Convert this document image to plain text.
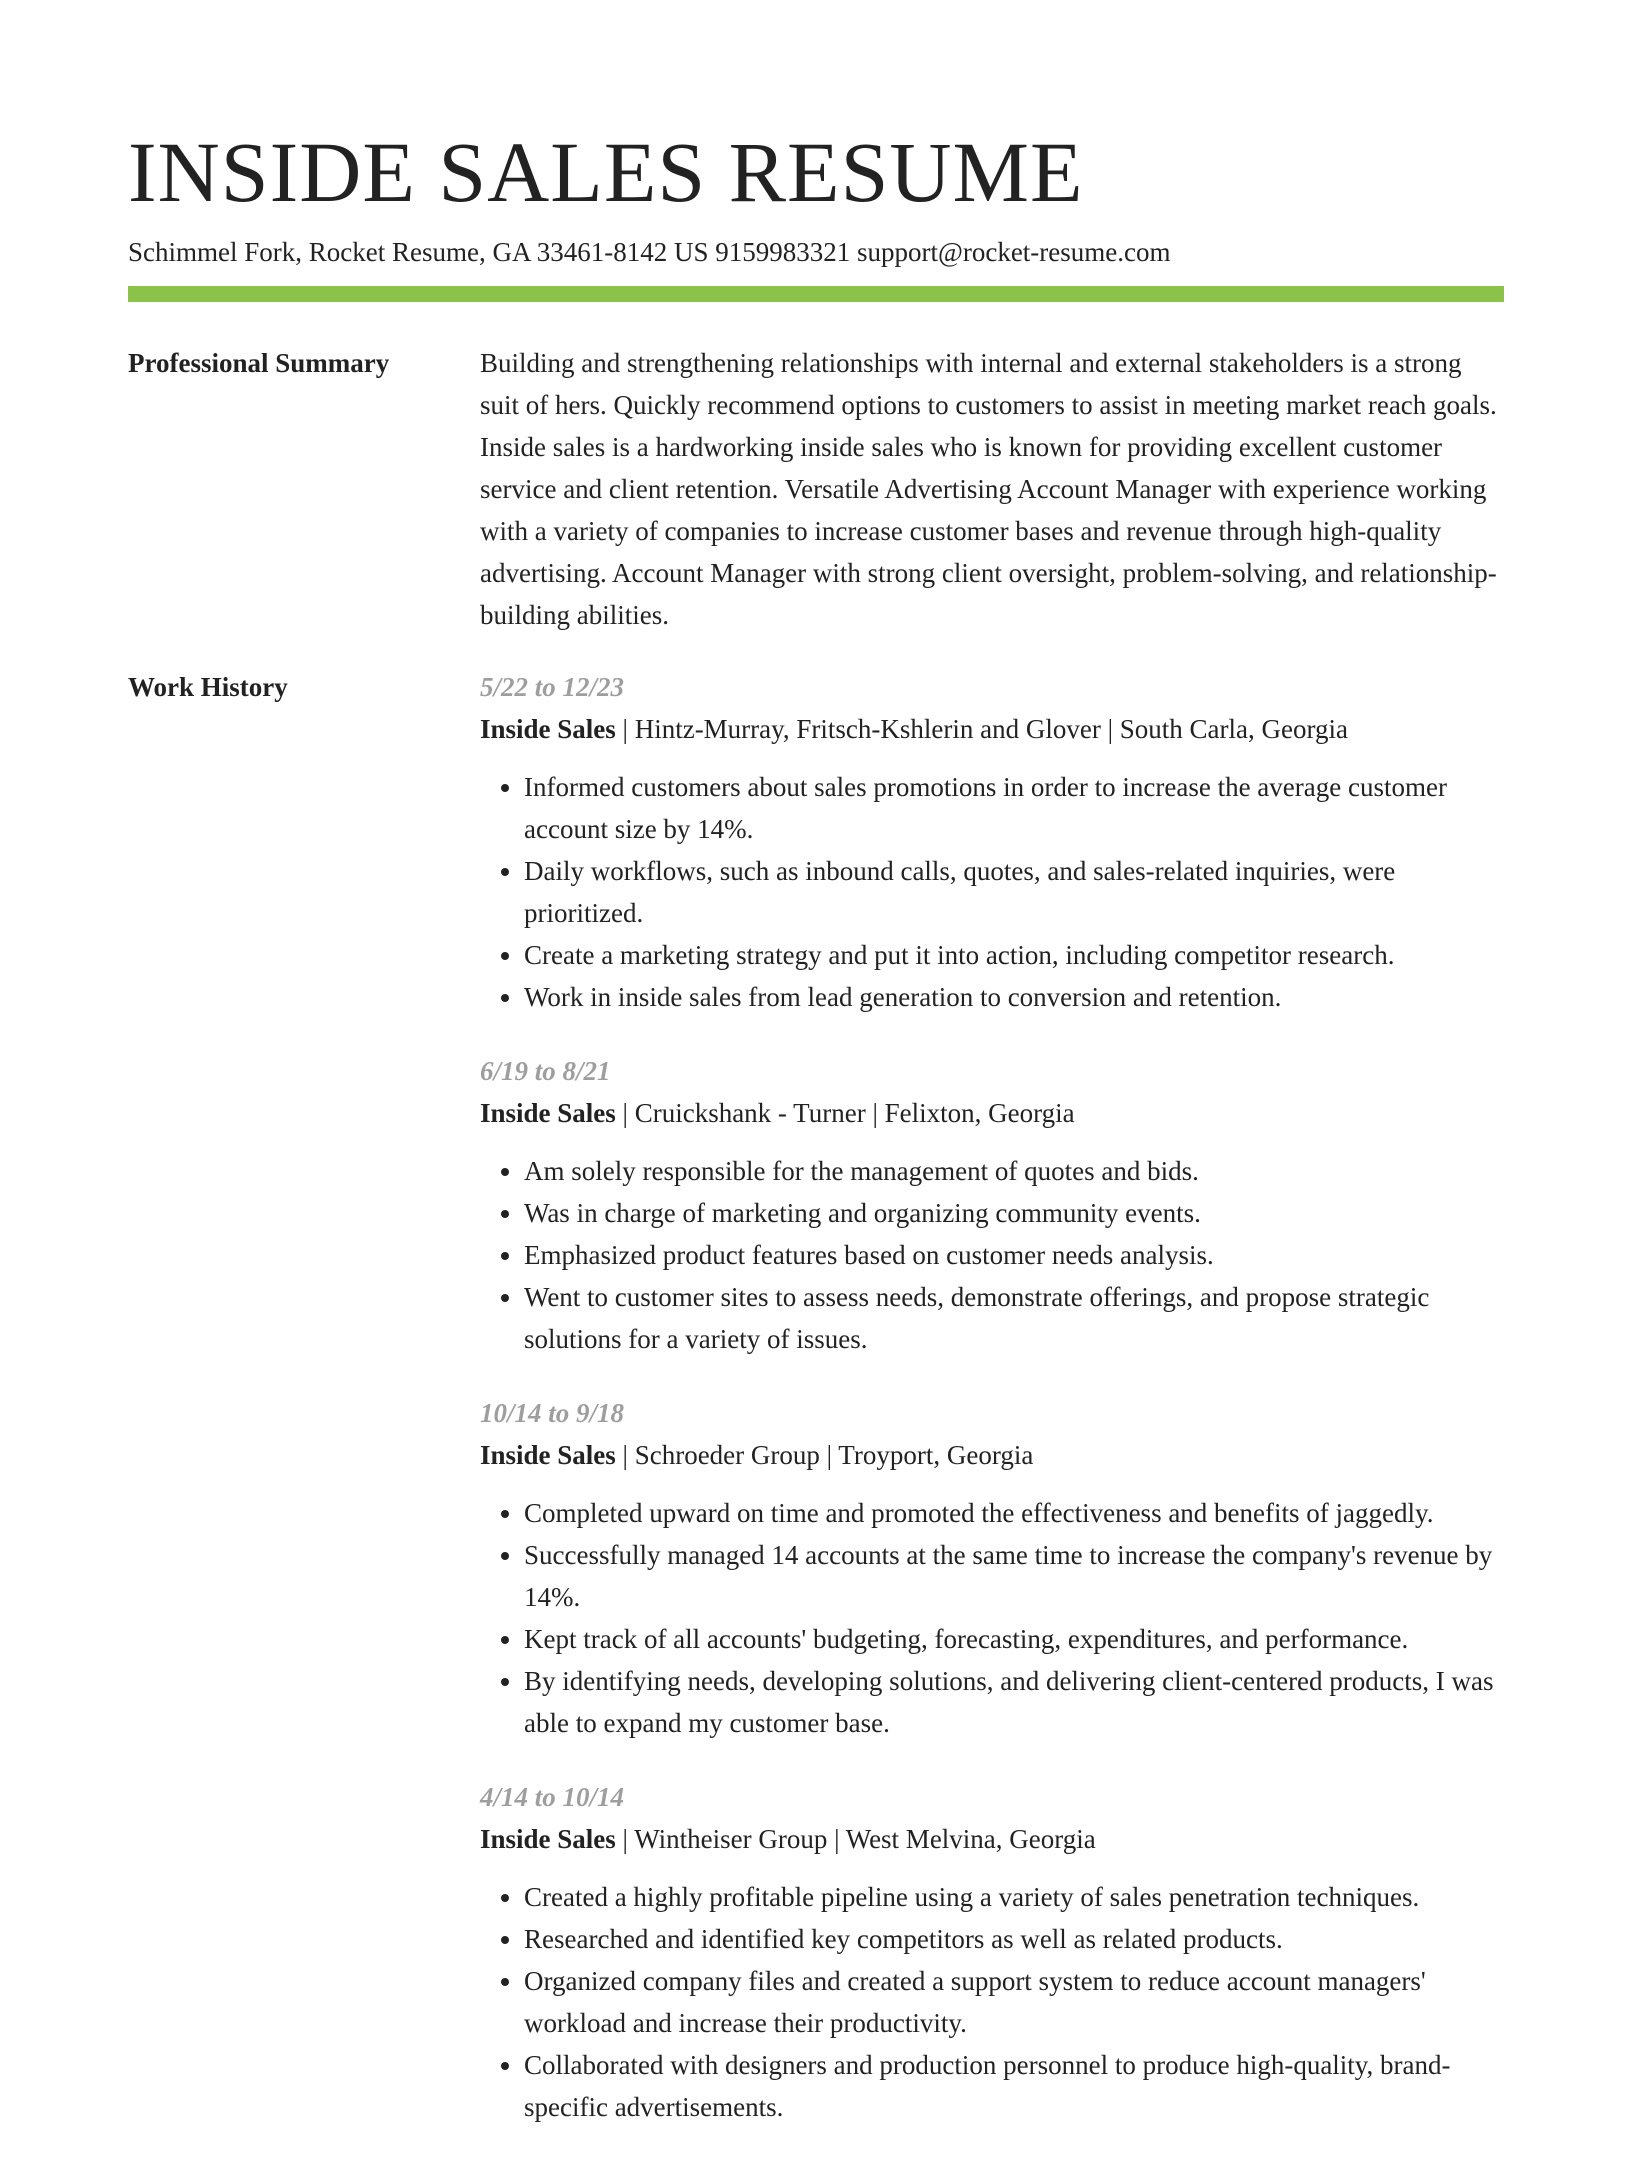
INSIDE SALES RESUME
Schimmel Fork, Rocket Resume, GA 33461-8142 US 9159983321 support@rocket-resume.com
Professional Summary	Building and strengthening relationships with internal and external stakeholders is a strong suit of hers. Quickly recommend options to customers to assist in meeting market reach goals. Inside sales is a hardworking inside sales who is known for providing excellent customer service and client retention. Versatile Advertising Account Manager with experience working with a variety of companies to increase customer bases and revenue through high-quality advertising. Account Manager with strong client oversight, problem-solving, and relationship-building abilities.

Work History	5/22 to 12/23
Inside Sales | Hintz-Murray, Fritsch-Kshlerin and Glover | South Carla, Georgia
• Informed customers about sales promotions in order to increase the average customer account size by 14%.
• Daily workflows, such as inbound calls, quotes, and sales-related inquiries, were prioritized.
• Create a marketing strategy and put it into action, including competitor research.
• Work in inside sales from lead generation to conversion and retention.
6/19 to 8/21
Inside Sales | Cruickshank - Turner | Felixton, Georgia
• Am solely responsible for the management of quotes and bids.
• Was in charge of marketing and organizing community events.
• Emphasized product features based on customer needs analysis.
• Went to customer sites to assess needs, demonstrate offerings, and propose strategic solutions for a variety of issues.
10/14 to 9/18
Inside Sales | Schroeder Group | Troyport, Georgia
• Completed upward on time and promoted the effectiveness and benefits of jaggedly.
• Successfully managed 14 accounts at the same time to increase the company's revenue by 14%.
• Kept track of all accounts' budgeting, forecasting, expenditures, and performance.
• By identifying needs, developing solutions, and delivering client-centered products, I was able to expand my customer base.
4/14 to 10/14
Inside Sales | Wintheiser Group | West Melvina, Georgia
• Created a highly profitable pipeline using a variety of sales penetration techniques.
• Researched and identified key competitors as well as related products.
• Organized company files and created a support system to reduce account managers' workload and increase their productivity.
• Collaborated with designers and production personnel to produce high-quality, brand-specific advertisements.
